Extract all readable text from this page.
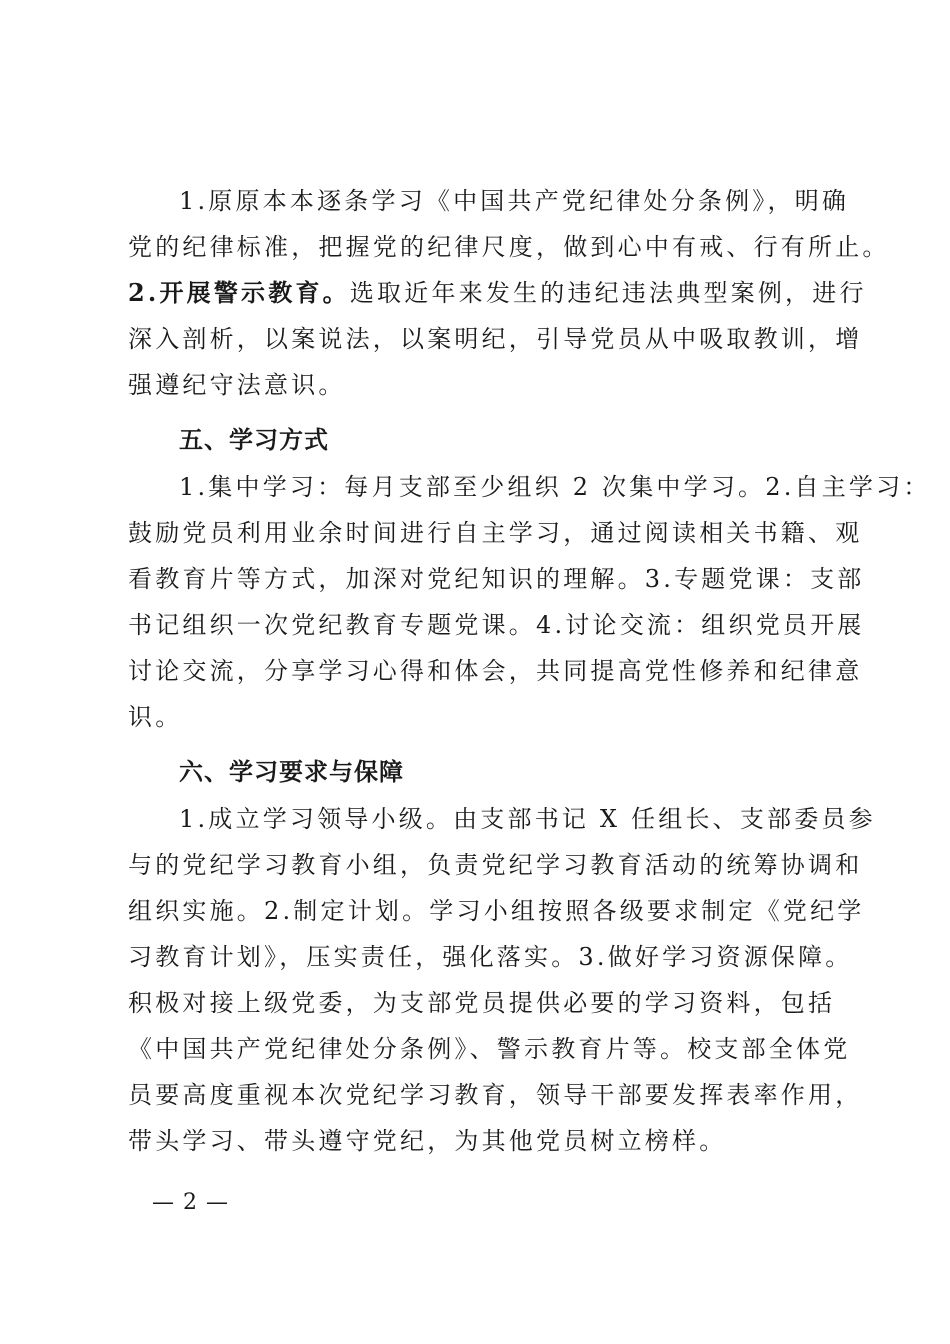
1.原原本本逐条学习《中国共产党纪律处分条例》，明确
党的纪律标准，把握党的纪律尺度，做到心中有戒、行有所止。
2.开展警示教育。选取近年来发生的违纪违法典型案例，进行
深入剖析，以案说法，以案明纪，引导党员从中吸取教训，增
强遵纪守法意识。
五、学习方式
1.集中学习：每月支部至少组织 2 次集中学习。2.自主学习：
鼓励党员利用业余时间进行自主学习，通过阅读相关书籍、观
看教育片等方式，加深对党纪知识的理解。3.专题党课：支部
书记组织一次党纪教育专题党课。4.讨论交流：组织党员开展
讨论交流，分享学习心得和体会，共同提高党性修养和纪律意
识。
六、学习要求与保障
1.成立学习领导小级。由支部书记 X 任组长、支部委员参
与的党纪学习教育小组，负责党纪学习教育活动的统筹协调和
组织实施。2.制定计划。学习小组按照各级要求制定《党纪学
习教育计划》，压实责任，强化落实。3.做好学习资源保障。
积极对接上级党委，为支部党员提供必要的学习资料，包括
《中国共产党纪律处分条例》、警示教育片等。校支部全体党
员要高度重视本次党纪学习教育，领导干部要发挥表率作用，
带头学习、带头遵守党纪，为其他党员树立榜样。
— 2 —
